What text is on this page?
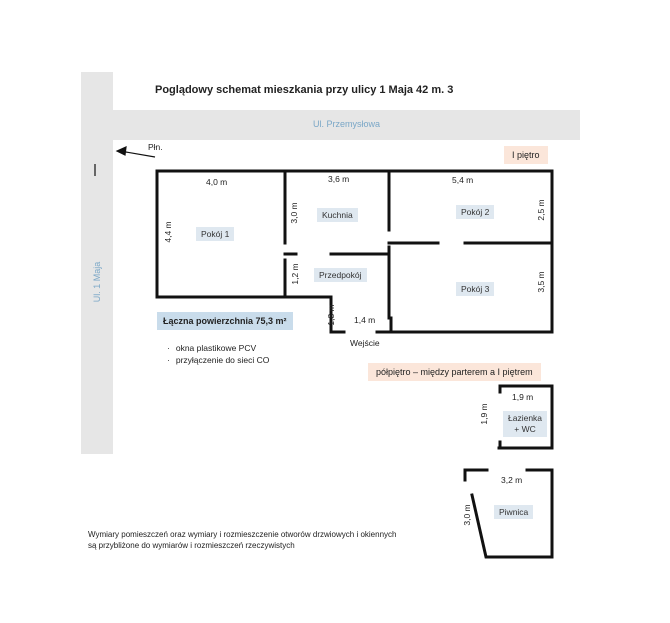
Poglądowy schemat mieszkania przy ulicy 1 Maja 42 m. 3
Ul. Przemysłowa
Ul. 1 Maja
Płn.
I piętro
półpiętro – między parterem a I piętrem
Pokój 1
Kuchnia	Pokój 2
Przedpokój
Pokój 3
Łazienka
+ WC
Piwnica
4,0 m	3,6 m	5,4 m
1,4 m
1,9 m
3,2 m
4,4 m
3,0 m	2,5 m
1,2 m	3,5 m
1,8 m
1,9 m
3,0 m
Wejście
Łączna powierzchnia 75,3 m²
· okna plastikowe PCV
· przyłączenie do sieci CO
Wymiary pomieszczeń oraz wymiary i rozmieszczenie otworów drzwiowych i okiennych
są przybliżone do wymiarów i rozmieszczeń rzeczywistych
